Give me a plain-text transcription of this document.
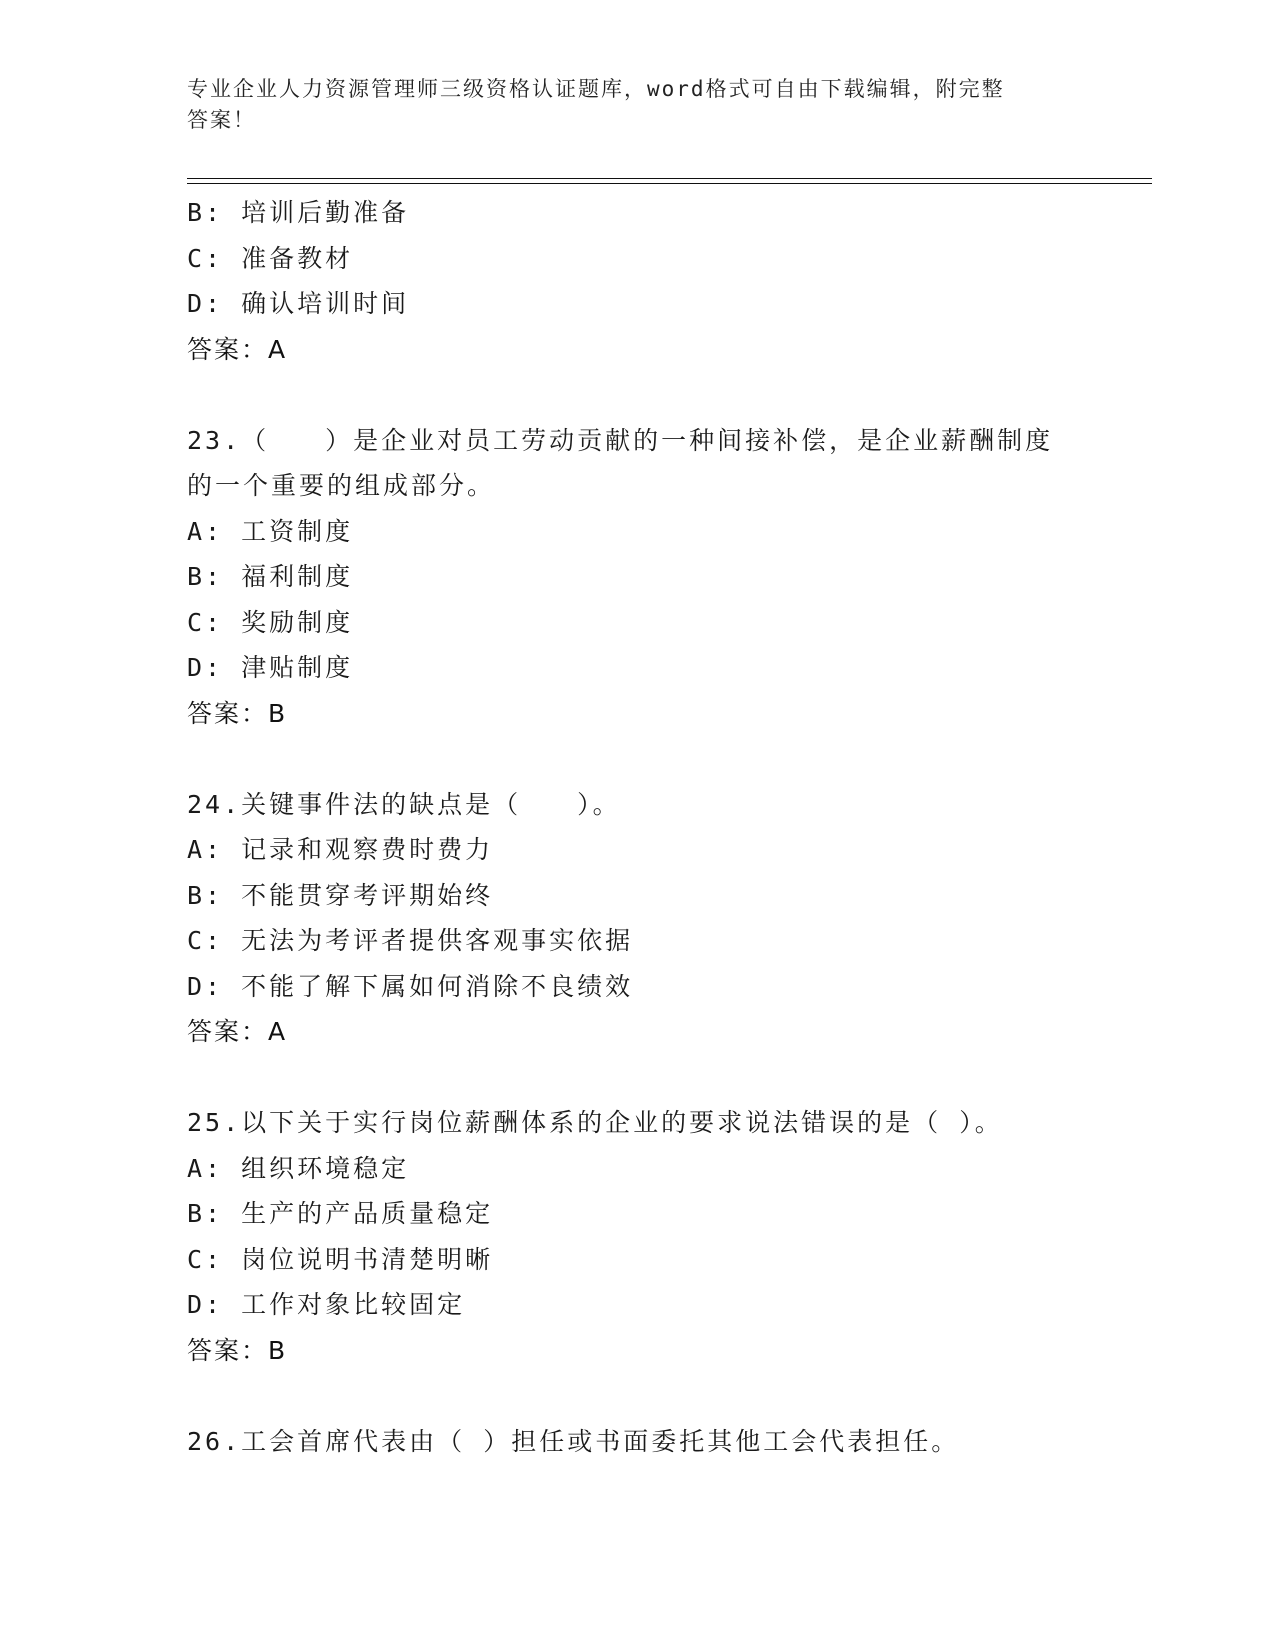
专业企业人力资源管理师三级资格认证题库，word格式可自由下载编辑，附完整
答案！
B: 培训后勤准备
C: 准备教材
D: 确认培训时间
答案：A
23.（　　）是企业对员工劳动贡献的一种间接补偿，是企业薪酬制度
的一个重要的组成部分。
A: 工资制度
B: 福利制度
C: 奖励制度
D: 津贴制度
答案：B
24.关键事件法的缺点是（　　）。
A: 记录和观察费时费力
B: 不能贯穿考评期始终
C: 无法为考评者提供客观事实依据
D: 不能了解下属如何消除不良绩效
答案：A
25.以下关于实行岗位薪酬体系的企业的要求说法错误的是（ ）。
A: 组织环境稳定
B: 生产的产品质量稳定
C: 岗位说明书清楚明晰
D: 工作对象比较固定
答案：B
26.工会首席代表由（ ）担任或书面委托其他工会代表担任。
